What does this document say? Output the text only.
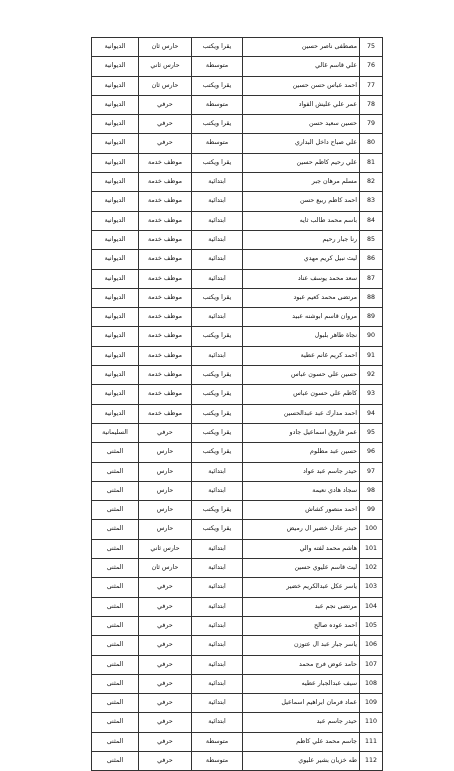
75	مصطفى ناصر حسين	يقرا ويكتب	حارس ثان	الديوانية
76	علي قاسم غالي	متوسطة	حارس ثاني	الديوانية
77	احمد عباس حسن حسين	يقرا ويكتب	حارس ثان	الديوانية
78	عمر علي عليش الفواد	متوسطة	حرفي	الديوانية
79	حسين سعيد حسن	يقرا ويكتب	حرفي	الديوانية
80	علي صباح داخل البداري	متوسطة	حرفي	الديوانية
81	علي رحيم كاظم حسين	يقرا ويكتب	موظف خدمة	الديوانية
82	مسلم مرهان جبر	ابتدائية	موظف خدمة	الديوانية
83	احمد كاظم ربيع حسن	ابتدائية	موظف خدمة	الديوانية
84	باسم محمد طالب ثايه	ابتدائية	موظف خدمة	الديوانية
85	رنا جبار رحيم	ابتدائية	موظف خدمة	الديوانية
86	ليث نبيل كريم مهدي	ابتدائية	موظف خدمة	الديوانية
87	سعد محمد يوسف عناد	ابتدائية	موظف خدمة	الديوانية
88	مرتضى محمد كعيم عبود	يقرا ويكتب	موظف خدمة	الديوانية
89	مروان قاسم ابوشنه عبيد	ابتدائية	موظف خدمة	الديوانية
90	نجاة طاهر بلبول	يقرا ويكتب	موظف خدمة	الديوانية
91	احمد كريم غانم عطية	ابتدائية	موظف خدمة	الديوانية
92	حسين علي حسون عباس	يقرا ويكتب	موظف خدمة	الديوانية
93	كاظم علي حسون عباس	يقرا ويكتب	موظف خدمة	الديوانية
94	احمد مدارك عبد عبدالحسين	يقرا ويكتب	موظف خدمة	الديوانية
95	عمر فاروق اسماعيل جادو	يقرا ويكتب	حرفي	السليمانية
96	حسين عبد مطلوم	يقرا ويكتب	حارس	المثنى
97	حيدر جاسم عبد عواد	ابتدائية	حارس	المثنى
98	سجاد هادي نعيمة	ابتدائية	حارس	المثنى
99	احمد منصور كشاش	يقرا ويكتب	حارس	المثنى
100	حيدر عادل خضير ال رميض	يقرا ويكتب	حارس	المثنى
101	هاشم محمد لفته والي	ابتدائية	حارس ثاني	المثنى
102	ليث قاسم عليوي حسين	ابتدائية	حارس ثان	المثنى
103	ياسر عكل عبدالكريم خضير	ابتدائية	حرفي	المثنى
104	مرتضى نجم عبد	ابتدائية	حرفي	المثنى
105	احمد عوده صالح	ابتدائية	حرفي	المثنى
106	ياسر جبار عبد ال عتوزن	ابتدائية	حرفي	المثنى
107	حامد عوض فرج محمد	ابتدائية	حرفي	المثنى
108	سيف عبدالجبار عطيه	ابتدائية	حرفي	المثنى
109	عماد فرمان ابراهيم اسماعيل	ابتدائية	حرفي	المثنى
110	حيدر جاسم عبد	ابتدائية	حرفي	المثنى
111	جاسم محمد علي كاظم	متوسطة	حرفي	المثنى
112	طه خزيان بشير عليوي	متوسطة	حرفي	المثنى
